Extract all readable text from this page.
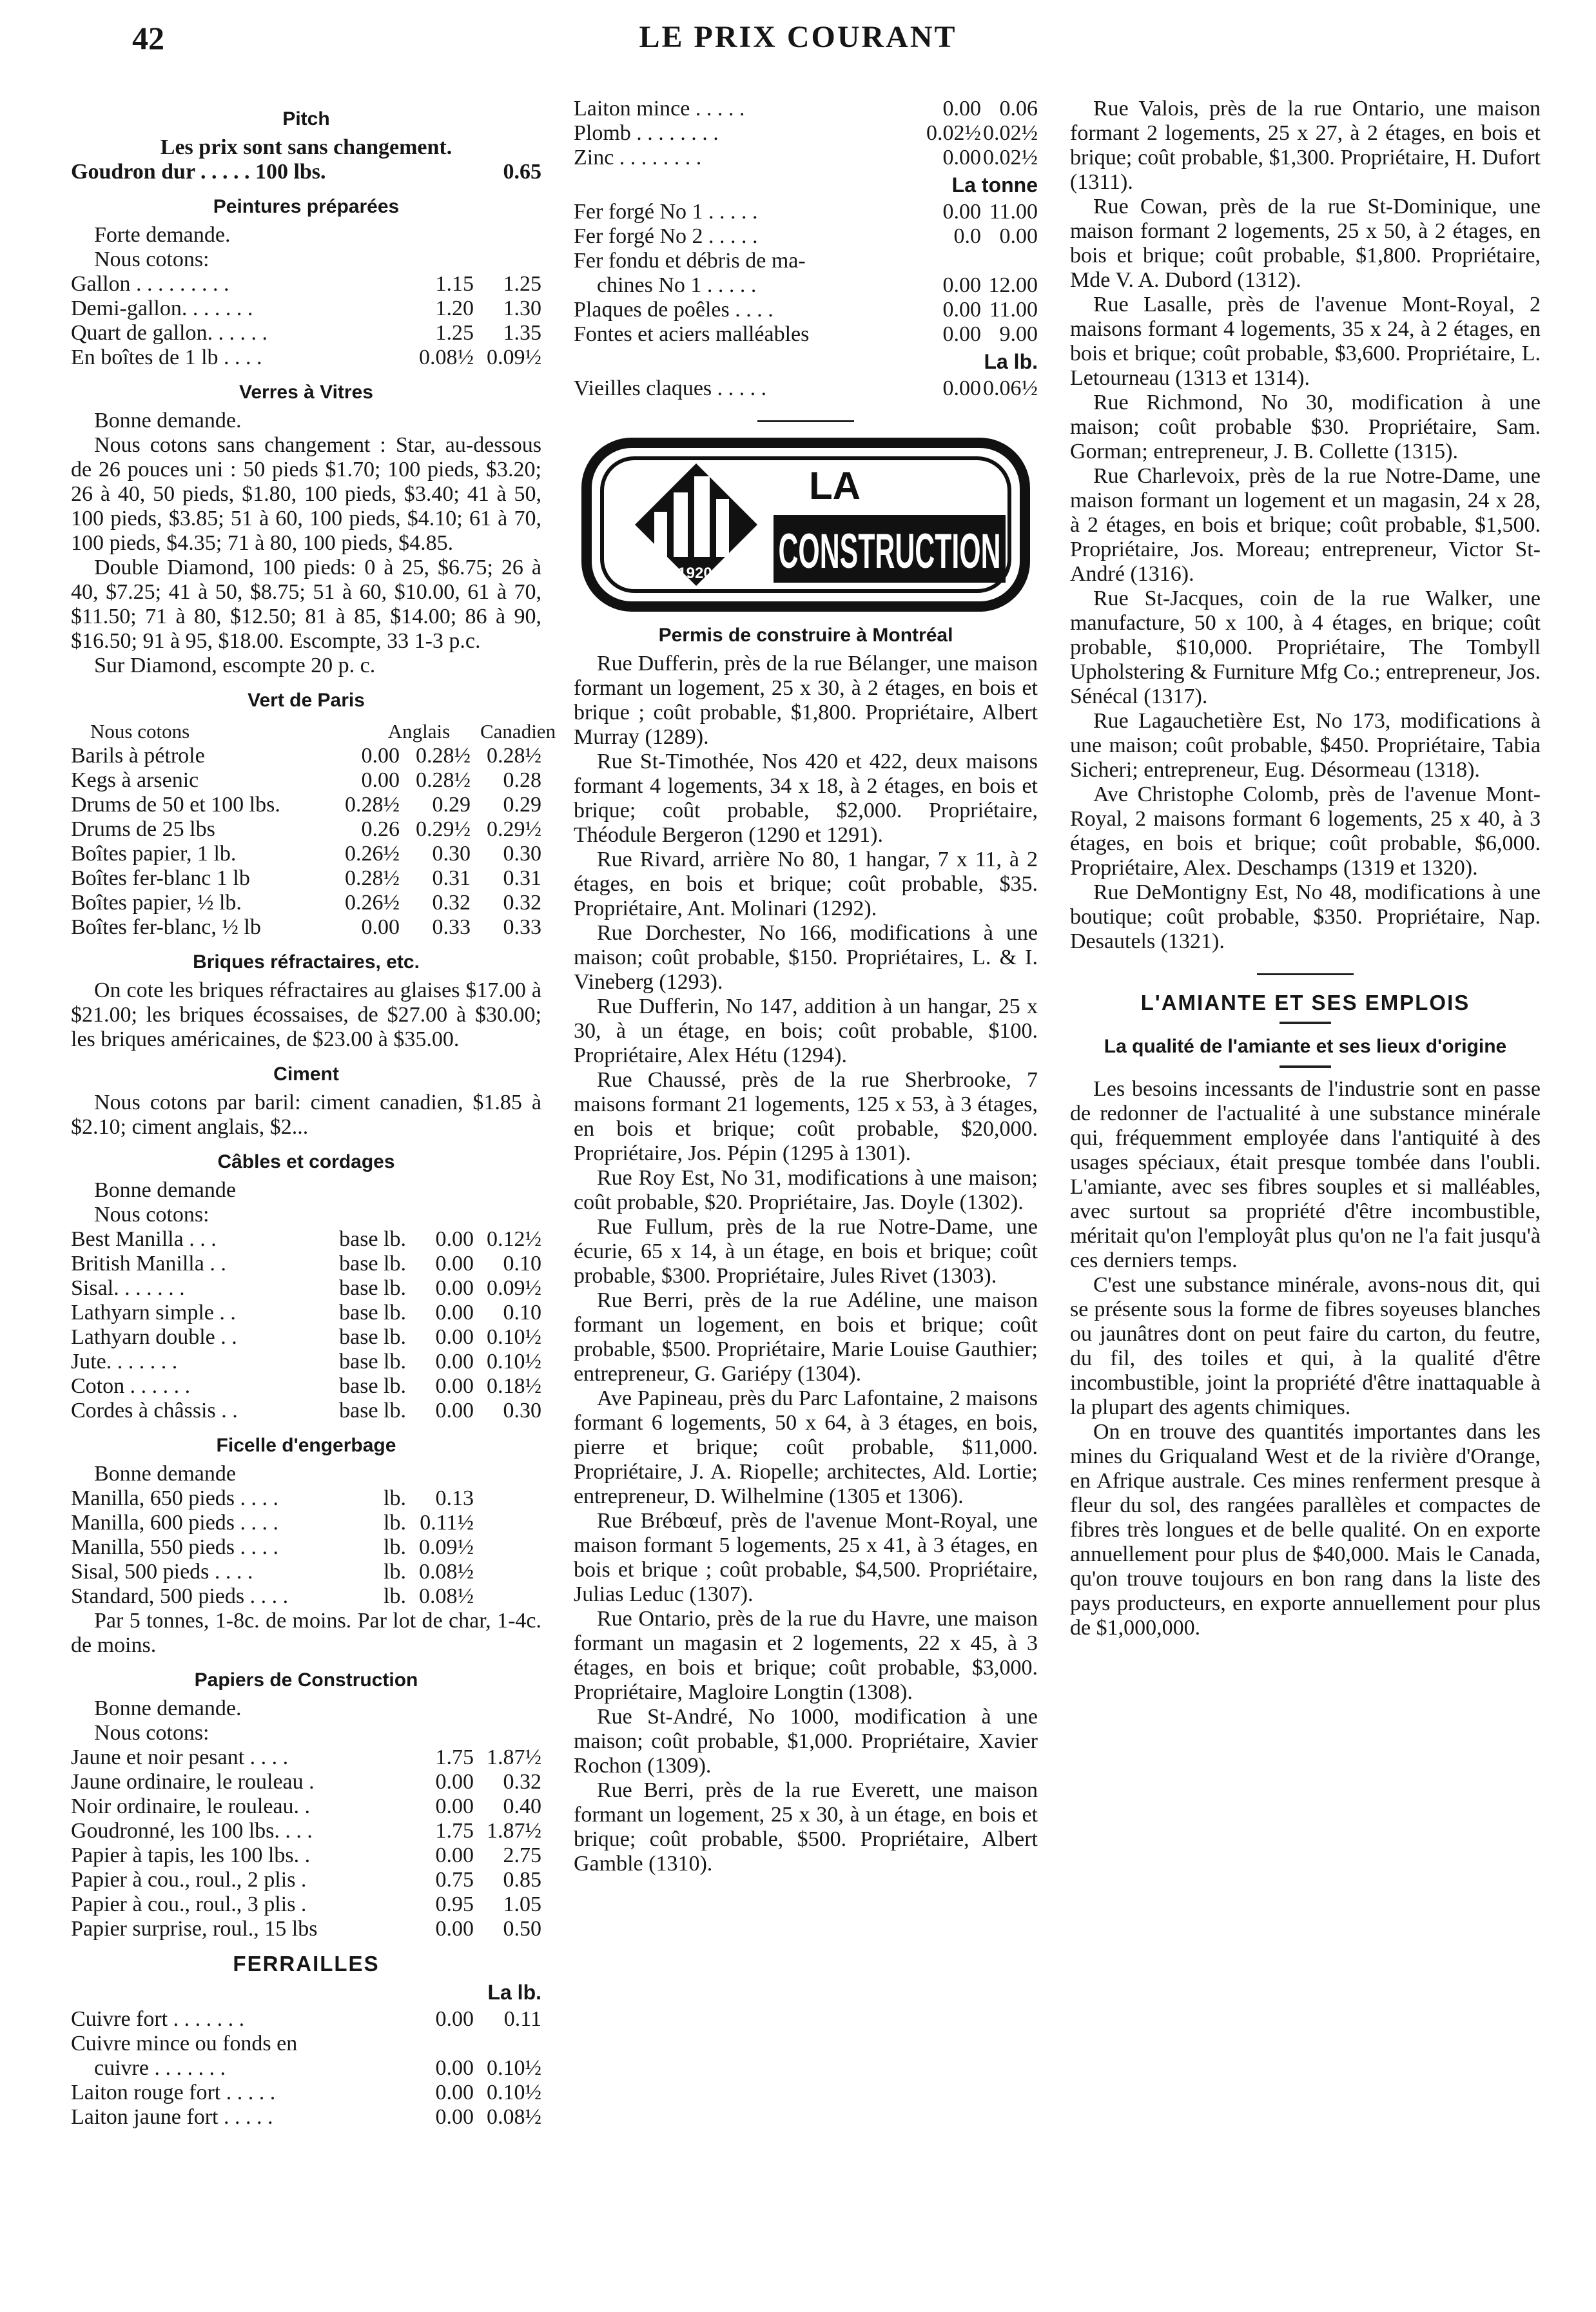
42	LE PRIX COURANT
Pitch

Les prix sont sans changement.

Goudron dur . . . . . 100 lbs.	0.65
Peintures préparées

Forte demande.

Nous cotons:

Gallon . . . . . . . . .	1.15	1.25
Demi-gallon. . . . . . .	1.20	1.30
Quart de gallon. . . . . .	1.25	1.35
En boîtes de 1 lb . . . .	0.08½ 0.09½
Verres à Vitres

Bonne demande.

Nous cotons sans changement : Star, au-dessous de 26 pouces uni : 50 pieds $1.70; 100 pieds, $3.20; 26 à 40, 50 pieds, $1.80, 100 pieds, $3.40; 41 à 50, 100 pieds, $3.85; 51 à 60, 100 pieds, $4.10; 61 à 70, 100 pieds, $4.35; 71 à 80, 100 pieds, $4.85.

Double Diamond, 100 pieds: 0 à 25, $6.75; 26 à 40, $7.25; 41 à 50, $8.75; 51 à 60, $10.00, 61 à 70, $11.50; 71 à 80, $12.50; 81 à 85, $14.00; 86 à 90, $16.50; 91 à 95, $18.00. Escompte, 33 1-3 p.c.

Sur Diamond, escompte 20 p. c.

Vert de Paris
Nous cotons	Anglais	Canadien
Barils à pétrole	0.00 0.28½ 0.28½
Kegs à arsenic	0.00 0.28½	0.28
Drums de 50 et 100 lbs.	0.28½	0.29	0.29
Drums de 25 lbs	0.26 0.29½ 0.29½
Boîtes papier, 1 lb.	0.26½	0.30	0.30
Boîtes fer-blanc 1 lb	0.28½	0.31	0.31
Boîtes papier, ½ lb.	0.26½	0.32	0.32
Boîtes fer-blanc, ½ lb	0.00	0.33	0.33
Briques réfractaires, etc.

On cote les briques réfractaires au glaises $17.00 à $21.00; les briques écossaises, de $27.00 à $30.00; les briques américaines, de $23.00 à $35.00.

Ciment

Nous cotons par baril: ciment canadien, $1.85 à $2.10; ciment anglais, $2...

Câbles et cordages

Bonne demande

Nous cotons:

Best Manilla . . .	base lb.	0.00 0.12½
British Manilla . .	base lb.	0.00	0.10
Sisal. . . . . . .	base lb.	0.00 0.09½
Lathyarn simple . .	base lb.	0.00	0.10
Lathyarn double . .	base lb.	0.00 0.10½
Jute. . . . . . .	base lb.	0.00 0.10½
Coton . . . . . .	base lb.	0.00 0.18½
Cordes à châssis . .	base lb.	0.00	0.30
Ficelle d'engerbage

Bonne demande

Manilla, 650 pieds . . . .	lb.	0.13
Manilla, 600 pieds . . . .	lb. 0.11½
Manilla, 550 pieds . . . .	lb. 0.09½
Sisal, 500 pieds . . . .	lb. 0.08½
Standard, 500 pieds . . . .	lb. 0.08½

Par 5 tonnes, 1-8c. de moins. Par lot de char, 1-4c. de moins.

Papiers de Construction

Bonne demande.

Nous cotons:

Jaune et noir pesant . . . .	1.75 1.87½
Jaune ordinaire, le rouleau .	0.00	0.32
Noir ordinaire, le rouleau. .	0.00	0.40
Goudronné, les 100 lbs. . . .	1.75 1.87½
Papier à tapis, les 100 lbs. .	0.00	2.75
Papier à cou., roul., 2 plis .	0.75	0.85
Papier à cou., roul., 3 plis .	0.95	1.05
Papier surprise, roul., 15 lbs	0.00	0.50
FERRAILLES
La lb.
Cuivre fort . . . . . . .	0.00	0.11
Cuivre mince ou fonds en
cuivre . . . . . . .	0.00 0.10½
Laiton rouge fort . . . . .	0.00 0.10½
Laiton jaune fort . . . . .	0.00 0.08½
Laiton mince . . . . .	0.00 0.06
Plomb . . . . . . . .	0.02½ 0.02½
Zinc . . . . . . . .	0.00 0.02½
La tonne
Fer forgé No 1 . . . . .	0.00 11.00
Fer forgé No 2 . . . . .	0.0 0.00
Fer fondu et débris de ma-
chines No 1 . . . . .	0.00 12.00
Plaques de poêles . . . .	0.00 11.00
Fontes et aciers malléables	0.00 9.00
La lb.
Vieilles claques . . . . .	0.00 0.06½
1920
LA
CONSTRUCTION
Permis de construire à Montréal

Rue Dufferin, près de la rue Bélanger, une maison formant un logement, 25 x 30, à 2 étages, en bois et brique ; coût probable, $1,800. Propriétaire, Albert Murray (1289).

Rue St-Timothée, Nos 420 et 422, deux maisons formant 4 logements, 34 x 18, à 2 étages, en bois et brique; coût probable, $2,000. Propriétaire, Théodule Bergeron (1290 et 1291).

Rue Rivard, arrière No 80, 1 hangar, 7 x 11, à 2 étages, en bois et brique; coût probable, $35. Propriétaire, Ant. Molinari (1292).

Rue Dorchester, No 166, modifications à une maison; coût probable, $150. Propriétaires, L. & I. Vineberg (1293).

Rue Dufferin, No 147, addition à un hangar, 25 x 30, à un étage, en bois; coût probable, $100. Propriétaire, Alex Hétu (1294).

Rue Chaussé, près de la rue Sherbrooke, 7 maisons formant 21 logements, 125 x 53, à 3 étages, en bois et brique; coût probable, $20,000. Propriétaire, Jos. Pépin (1295 à 1301).

Rue Roy Est, No 31, modifications à une maison; coût probable, $20. Propriétaire, Jas. Doyle (1302).

Rue Fullum, près de la rue Notre-Dame, une écurie, 65 x 14, à un étage, en bois et brique; coût probable, $300. Propriétaire, Jules Rivet (1303).

Rue Berri, près de la rue Adéline, une maison formant un logement, en bois et brique; coût probable, $500. Propriétaire, Marie Louise Gauthier; entrepreneur, G. Gariépy (1304).

Ave Papineau, près du Parc Lafontaine, 2 maisons formant 6 logements, 50 x 64, à 3 étages, en bois, pierre et brique; coût probable, $11,000. Propriétaire, J. A. Riopelle; architectes, Ald. Lortie; entrepreneur, D. Wilhelmine (1305 et 1306).

Rue Brébœuf, près de l'avenue Mont-Royal, une maison formant 5 logements, 25 x 41, à 3 étages, en bois et brique ; coût probable, $4,500. Propriétaire, Julias Leduc (1307).

Rue Ontario, près de la rue du Havre, une maison formant un magasin et 2 logements, 22 x 45, à 3 étages, en bois et brique; coût probable, $3,000. Propriétaire, Magloire Longtin (1308).

Rue St-André, No 1000, modification à une maison; coût probable, $1,000. Propriétaire, Xavier Rochon (1309).

Rue Berri, près de la rue Everett, une maison formant un logement, 25 x 30, à un étage, en bois et brique; coût probable, $500. Propriétaire, Albert Gamble (1310).

Rue Valois, près de la rue Ontario, une maison formant 2 logements, 25 x 27, à 2 étages, en bois et brique; coût probable, $1,300. Propriétaire, H. Dufort (1311).

Rue Cowan, près de la rue St-Dominique, une maison formant 2 logements, 25 x 50, à 2 étages, en bois et brique; coût probable, $1,800. Propriétaire, Mde V. A. Dubord (1312).

Rue Lasalle, près de l'avenue Mont-Royal, 2 maisons formant 4 logements, 35 x 24, à 2 étages, en bois et brique; coût probable, $3,600. Propriétaire, L. Letourneau (1313 et 1314).

Rue Richmond, No 30, modification à une maison; coût probable $30. Propriétaire, Sam. Gorman; entrepreneur, J. B. Collette (1315).

Rue Charlevoix, près de la rue Notre-Dame, une maison formant un logement et un magasin, 24 x 28, à 2 étages, en bois et brique; coût probable, $1,500. Propriétaire, Jos. Moreau; entrepreneur, Victor St-André (1316).

Rue St-Jacques, coin de la rue Walker, une manufacture, 50 x 100, à 4 étages, en brique; coût probable, $10,000. Propriétaire, The Tombyll Upholstering & Furniture Mfg Co.; entrepreneur, Jos. Sénécal (1317).

Rue Lagauchetière Est, No 173, modifications à une maison; coût probable, $450. Propriétaire, Tabia Sicheri; entrepreneur, Eug. Désormeau (1318).

Ave Christophe Colomb, près de l'avenue Mont-Royal, 2 maisons formant 6 logements, 25 x 40, à 3 étages, en bois et brique; coût probable, $6,000. Propriétaire, Alex. Deschamps (1319 et 1320).

Rue DeMontigny Est, No 48, modifications à une boutique; coût probable, $350. Propriétaire, Nap. Desautels (1321).

L'AMIANTE ET SES EMPLOIS
La qualité de l'amiante et ses lieux d'origine

Les besoins incessants de l'industrie sont en passe de redonner de l'actualité à une substance minérale qui, fréquemment employée dans l'antiquité à des usages spéciaux, était presque tombée dans l'oubli. L'amiante, avec ses fibres souples et si malléables, avec surtout sa propriété d'être incombustible, méritait qu'on l'employât plus qu'on ne l'a fait jusqu'à ces derniers temps.

C'est une substance minérale, avons-nous dit, qui se présente sous la forme de fibres soyeuses blanches ou jaunâtres dont on peut faire du carton, du feutre, du fil, des toiles et qui, à la qualité d'être incombustible, joint la propriété d'être inattaquable à la plupart des agents chimiques.

On en trouve des quantités importantes dans les mines du Griqualand West et de la rivière d'Orange, en Afrique australe. Ces mines renferment presque à fleur du sol, des rangées parallèles et compactes de fibres très longues et de belle qualité. On en exporte annuellement pour plus de $40,000. Mais le Canada, qu'on trouve toujours en bon rang dans la liste des pays producteurs, en exporte annuellement pour plus de $1,000,000.
